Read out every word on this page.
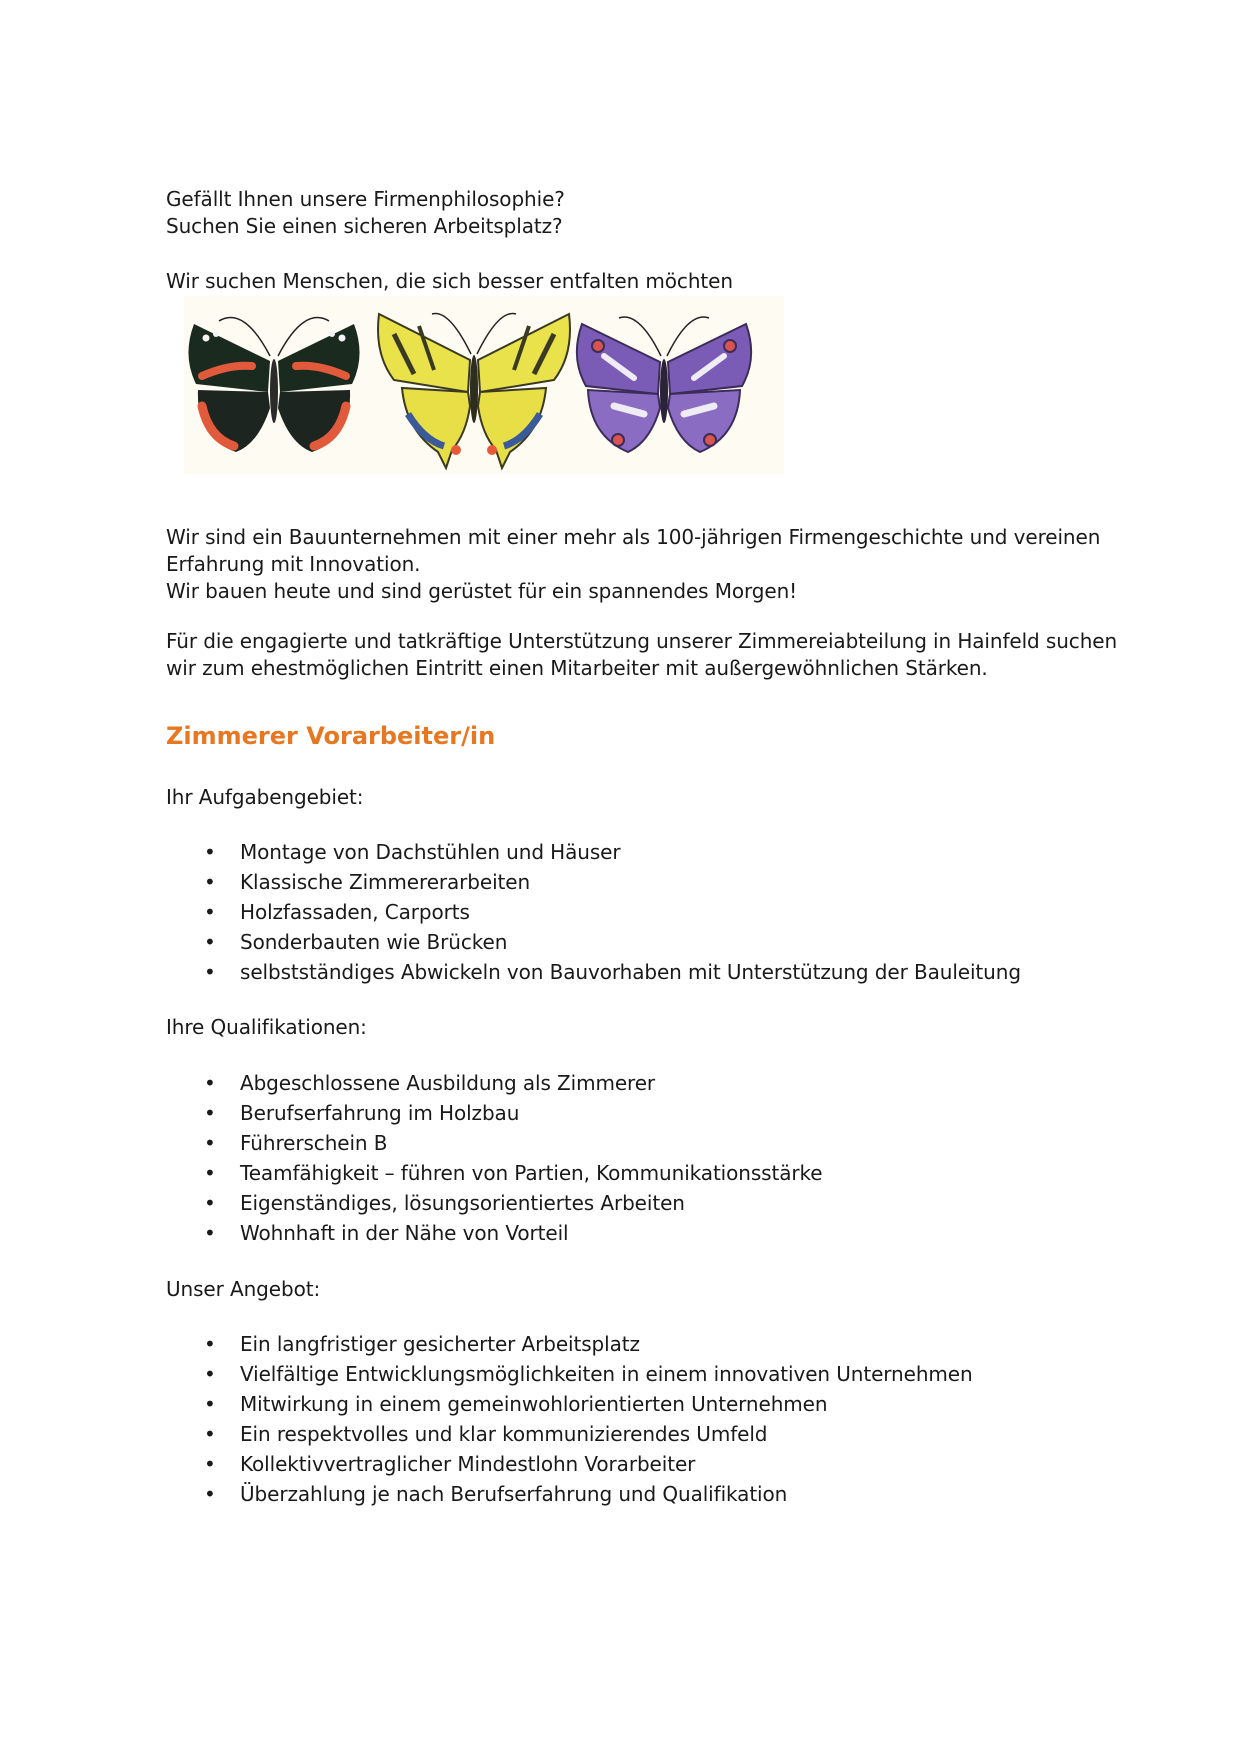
Gefällt Ihnen unsere Firmenphilosophie?
Suchen Sie einen sicheren Arbeitsplatz?
Wir suchen Menschen, die sich besser entfalten möchten
Wir sind ein Bauunternehmen mit einer mehr als 100-jährigen Firmengeschichte und vereinen
Erfahrung mit Innovation.
Wir bauen heute und sind gerüstet für ein spannendes Morgen!
Für die engagierte und tatkräftige Unterstützung unserer Zimmereiabteilung in Hainfeld suchen
wir zum ehestmöglichen Eintritt einen Mitarbeiter mit außergewöhnlichen Stärken.
Zimmerer Vorarbeiter/in
Ihr Aufgabengebiet:
• Montage von Dachstühlen und Häuser
• Klassische Zimmererarbeiten
• Holzfassaden, Carports
• Sonderbauten wie Brücken
• selbstständiges Abwickeln von Bauvorhaben mit Unterstützung der Bauleitung
Ihre Qualifikationen:
• Abgeschlossene Ausbildung als Zimmerer
• Berufserfahrung im Holzbau
• Führerschein B
• Teamfähigkeit – führen von Partien, Kommunikationsstärke
• Eigenständiges, lösungsorientiertes Arbeiten
• Wohnhaft in der Nähe von Vorteil
Unser Angebot:
• Ein langfristiger gesicherter Arbeitsplatz
• Vielfältige Entwicklungsmöglichkeiten in einem innovativen Unternehmen
• Mitwirkung in einem gemeinwohlorientierten Unternehmen
• Ein respektvolles und klar kommunizierendes Umfeld
• Kollektivvertraglicher Mindestlohn Vorarbeiter
• Überzahlung je nach Berufserfahrung und Qualifikation
